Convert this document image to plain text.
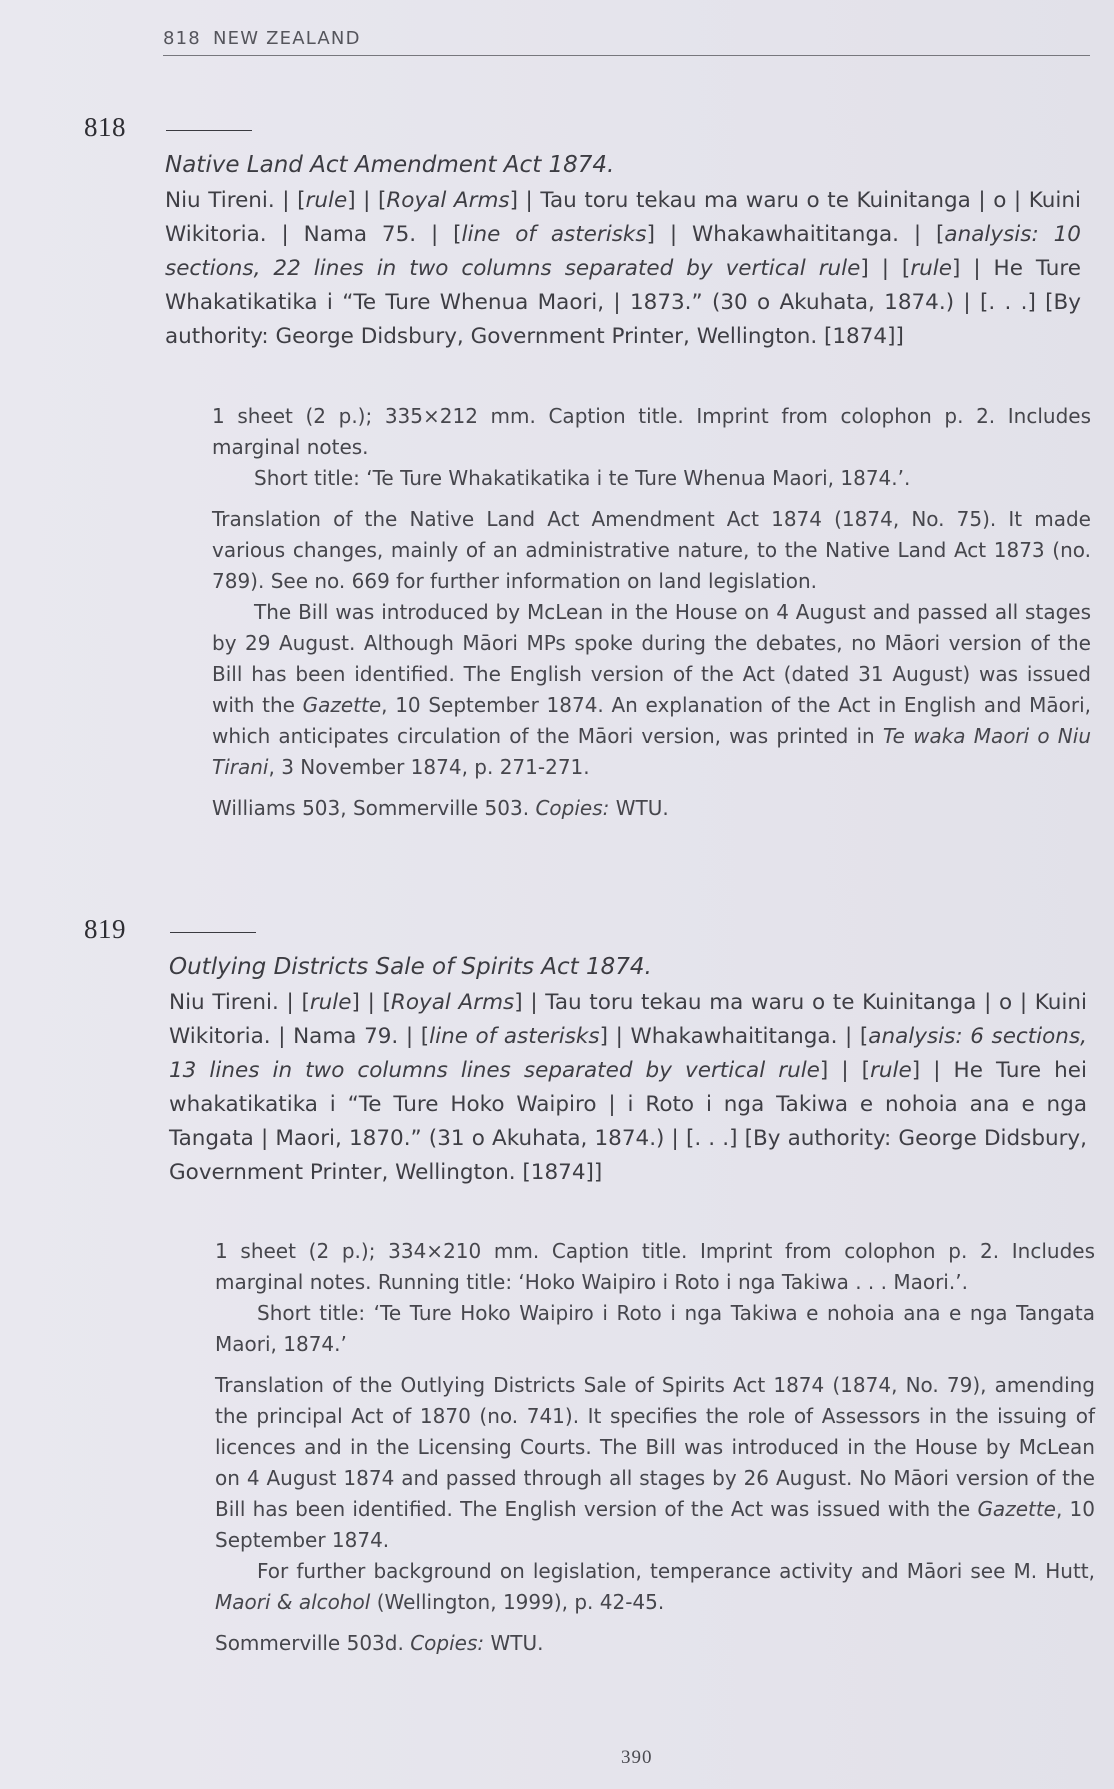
818 NEW ZEALAND
818
Native Land Act Amendment Act 1874.
Niu Tireni. | [rule] | [Royal Arms] | Tau toru tekau ma waru o te Kuinitanga | o | Kuini Wikitoria. | Nama 75. | [line of asterisks] | Whakawhaititanga. | [analysis: 10 sections, 22 lines in two columns separated by vertical rule] | [rule] | He Ture Whakatikatika i “Te Ture Whenua Maori, | 1873.” (30 o Akuhata, 1874.) | [. . .] [By authority: George Didsbury, Government Printer, Wellington. [1874]]

1 sheet (2 p.); 335×212 mm. Caption title. Imprint from colophon p. 2. Includes marginal notes.

Short title: ‘Te Ture Whakatikatika i te Ture Whenua Maori, 1874.’.

Translation of the Native Land Act Amendment Act 1874 (1874, No. 75). It made various changes, mainly of an administrative nature, to the Native Land Act 1873 (no. 789). See no. 669 for further information on land legislation.

The Bill was introduced by McLean in the House on 4 August and passed all stages by 29 August. Although Māori MPs spoke during the debates, no Māori version of the Bill has been identified. The English version of the Act (dated 31 August) was issued with the Gazette, 10 September 1874. An explanation of the Act in English and Māori, which anticipates circulation of the Māori version, was printed in Te waka Maori o Niu Tirani, 3 November 1874, p. 271-271.

Williams 503, Sommerville 503. Copies: WTU.

819
Outlying Districts Sale of Spirits Act 1874.
Niu Tireni. | [rule] | [Royal Arms] | Tau toru tekau ma waru o te Kuinitanga | o | Kuini Wikitoria. | Nama 79. | [line of asterisks] | Whakawhaititanga. | [analysis: 6 sections, 13 lines in two columns lines separated by vertical rule] | [rule] | He Ture hei whakatikatika i “Te Ture Hoko Waipiro | i Roto i nga Takiwa e nohoia ana e nga Tangata | Maori, 1870.” (31 o Akuhata, 1874.) | [. . .] [By authority: George Didsbury, Government Printer, Wellington. [1874]]

1 sheet (2 p.); 334×210 mm. Caption title. Imprint from colophon p. 2. Includes marginal notes. Running title: ‘Hoko Waipiro i Roto i nga Takiwa . . . Maori.’.

Short title: ‘Te Ture Hoko Waipiro i Roto i nga Takiwa e nohoia ana e nga Tangata Maori, 1874.’

Translation of the Outlying Districts Sale of Spirits Act 1874 (1874, No. 79), amending the principal Act of 1870 (no. 741). It specifies the role of Assessors in the issuing of licences and in the Licensing Courts. The Bill was introduced in the House by McLean on 4 August 1874 and passed through all stages by 26 August. No Māori version of the Bill has been identified. The English version of the Act was issued with the Gazette, 10 September 1874.

For further background on legislation, temperance activity and Māori see M. Hutt, Maori & alcohol (Wellington, 1999), p. 42-45.

Sommerville 503d. Copies: WTU.

390
